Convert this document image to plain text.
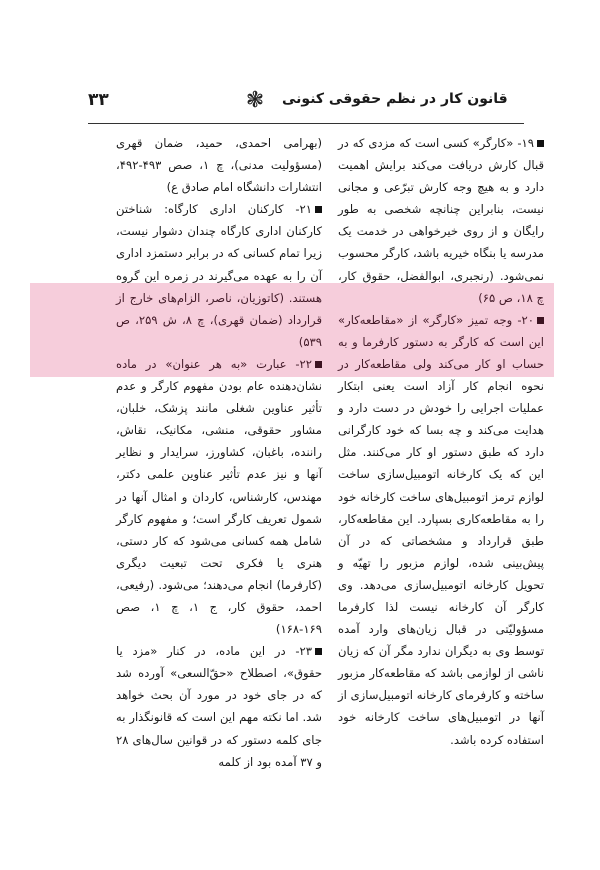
۳۳	❃	قانون کار در نظم حقوقی کنونی

۱۹- «کارگر» کسی است که مزدی که در قبال کارش دریافت می‌کند برایش اهمیت دارد و به هیچ وجه کارش تبرّعی و مجانی نیست، بنابراین چنانچه شخصی به طور رایگان و از روی خیرخواهی در خدمت یک مدرسه یا بنگاه خیریه باشد، کارگر محسوب نمی‌شود. (رنجبری، ابوالفضل، حقوق کار، چ ۱۸، ص ۶۵)

۲۰- وجه تمیز «کارگر» از «مقاطعه‌کار» این است که کارگر به دستور کارفرما و به حساب او کار می‌کند ولی مقاطعه‌کار در نحوه انجام کار آزاد است یعنی ابتکار عملیات اجرایی را خودش در دست دارد و هدایت می‌کند و چه بسا که خود کارگرانی دارد که طبق دستور او کار می‌کنند. مثل این که یک کارخانه اتومبیل‌سازی ساخت لوازم ترمز اتومبیل‌های ساخت کارخانه خود را به مقاطعه‌کاری بسپارد. این مقاطعه‌کار، طبق قرارداد و مشخصاتی که در آن پیش‌بینی شده، لوازم مزبور را تهیّه و تحویل کارخانه اتومبیل‌سازی می‌دهد. وی کارگر آن کارخانه نیست لذا کارفرما مسؤولیّتی در قبال زیان‌های وارد آمده توسط وی به دیگران ندارد مگر آن که زیان ناشی از لوازمی باشد که مقاطعه‌کار مزبور ساخته و کارفرمای کارخانه اتومبیل‌سازی از آنها در اتومبیل‌های ساخت کارخانه خود استفاده کرده باشد.

(بهرامی احمدی، حمید، ضمان قهری (مسؤولیت مدنی)، چ ۱، صص ۴۹۳-۴۹۲، انتشارات دانشگاه امام صادق ع)

۲۱- کارکنان اداری کارگاه: شناختن کارکنان اداری کارگاه چندان دشوار نیست، زیرا تمام کسانی که در برابر دستمزد اداری آن را به عهده می‌گیرند در زمره این گروه هستند. (کاتوزیان، ناصر، الزام‌های خارج از قرارداد (ضمان قهری)، چ ۸، ش ۲۵۹، ص ۵۳۹)

۲۲- عبارت «به هر عنوان» در ماده نشان‌دهنده عام بودن مفهوم کارگر و عدم تأثیر عناوین شغلی مانند پزشک، خلبان، مشاور حقوقی، منشی، مکانیک، نقاش، راننده، باغبان، کشاورز، سرایدار و نظایر آنها و نیز عدم تأثیر عناوین علمی دکتر، مهندس، کارشناس، کاردان و امثال آنها در شمول تعریف کارگر است؛ و مفهوم کارگر شامل همه کسانی می‌شود که کار دستی، هنری یا فکری تحت تبعیت دیگری (کارفرما) انجام می‌دهند؛ می‌شود. (رفیعی، احمد، حقوق کار، ج ۱، چ ۱، صص ۱۶۹-۱۶۸)

۲۳- در این ماده، در کنار «مزد یا حقوق»، اصطلاح «حقّ‌السعی» آورده شد که در جای خود در مورد آن بحث خواهد شد. اما نکته مهم این است که قانونگذار به جای کلمه دستور که در قوانین سال‌های ۲۸ و ۳۷ آمده بود از کلمه
